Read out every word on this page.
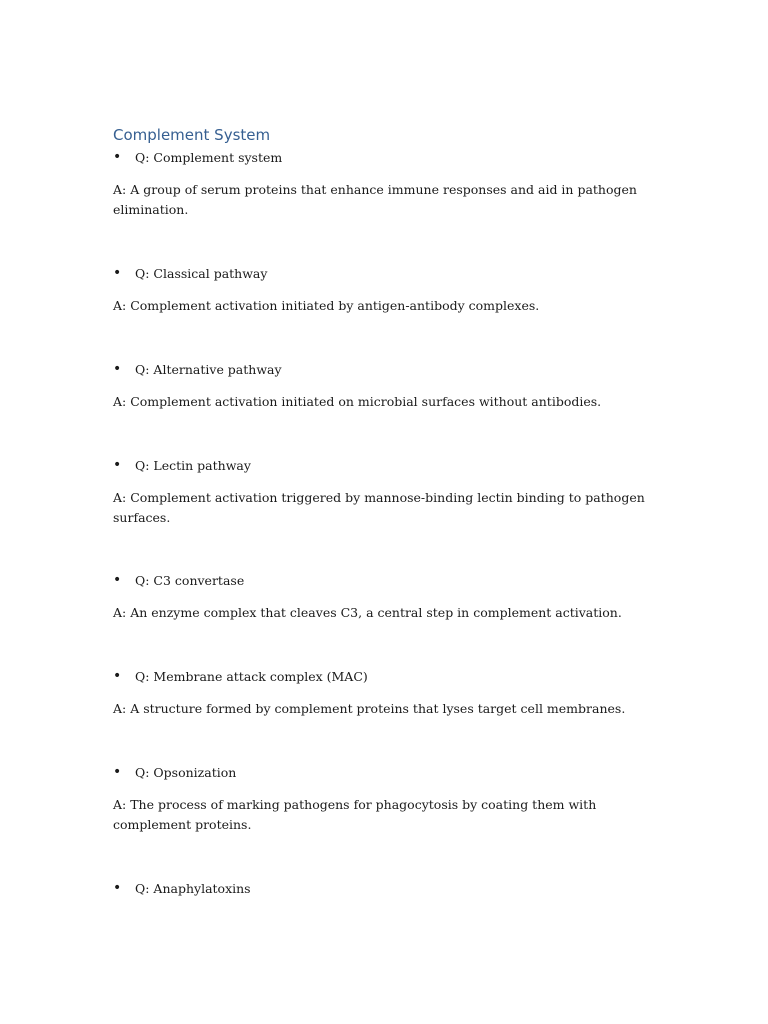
Complement System
• Q: Complement system

A: A group of serum proteins that enhance immune responses and aid in pathogen elimination.

• Q: Classical pathway

A: Complement activation initiated by antigen-antibody complexes.

• Q: Alternative pathway

A: Complement activation initiated on microbial surfaces without antibodies.

• Q: Lectin pathway

A: Complement activation triggered by mannose-binding lectin binding to pathogen surfaces.

• Q: C3 convertase

A: An enzyme complex that cleaves C3, a central step in complement activation.

• Q: Membrane attack complex (MAC)

A: A structure formed by complement proteins that lyses target cell membranes.

• Q: Opsonization

A: The process of marking pathogens for phagocytosis by coating them with complement proteins.

• Q: Anaphylatoxins
